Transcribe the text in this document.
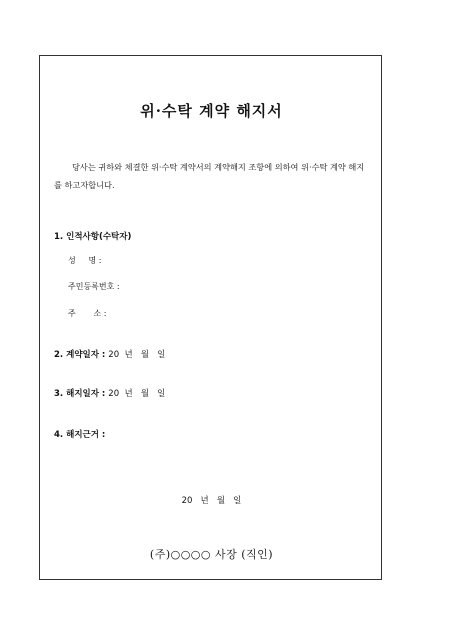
위·수탁 계약 해지서
당사는 귀하와 체결한 위·수탁 계약서의 계약해지 조항에 의하여 위·수탁 계약 해지를 하고자합니다.
1. 인적사항(수탁자)
성     명 :
주민등록번호 :
주       소 :
2. 계약일자 : 20  년   월   일
3. 해지일자 : 20  년   월   일
4. 해지근거 :
20   년   월   일
(주)○○○○ 사장 (직인)
